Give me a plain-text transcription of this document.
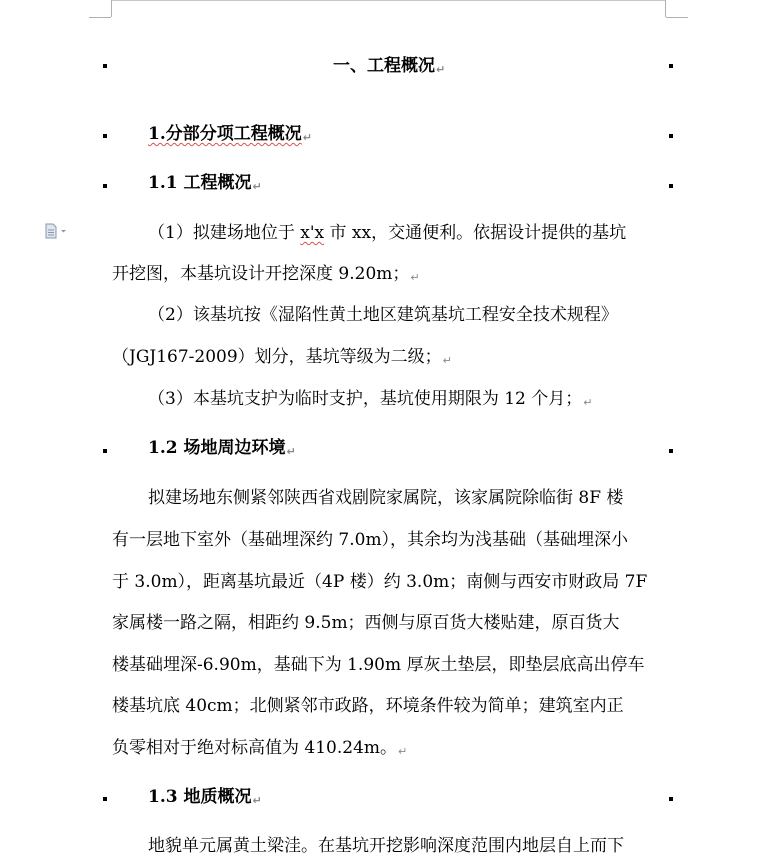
一、工程概况↵
1.分部分项工程概况↵
1.1 工程概况↵
（1）拟建场地位于 x'x 市 xx，交通便利。依据设计提供的基坑
开挖图，本基坑设计开挖深度 9.20m；↵
（2）该基坑按《湿陷性黄土地区建筑基坑工程安全技术规程》
（JGJ167-2009）划分，基坑等级为二级；↵
（3）本基坑支护为临时支护，基坑使用期限为 12 个月；↵
1.2 场地周边环境↵
拟建场地东侧紧邻陕西省戏剧院家属院，该家属院除临街 8F 楼
有一层地下室外（基础埋深约 7.0m），其余均为浅基础（基础埋深小
于 3.0m），距离基坑最近（4P 楼）约 3.0m；南侧与西安市财政局 7F
家属楼一路之隔，相距约 9.5m；西侧与原百货大楼贴建，原百货大
楼基础埋深-6.90m，基础下为 1.90m 厚灰土垫层，即垫层底高出停车
楼基坑底 40cm；北侧紧邻市政路，环境条件较为简单；建筑室内正
负零相对于绝对标高值为 410.24m。↵
1.3 地质概况↵
地貌单元属黄土梁洼。在基坑开挖影响深度范围内地层自上而下
